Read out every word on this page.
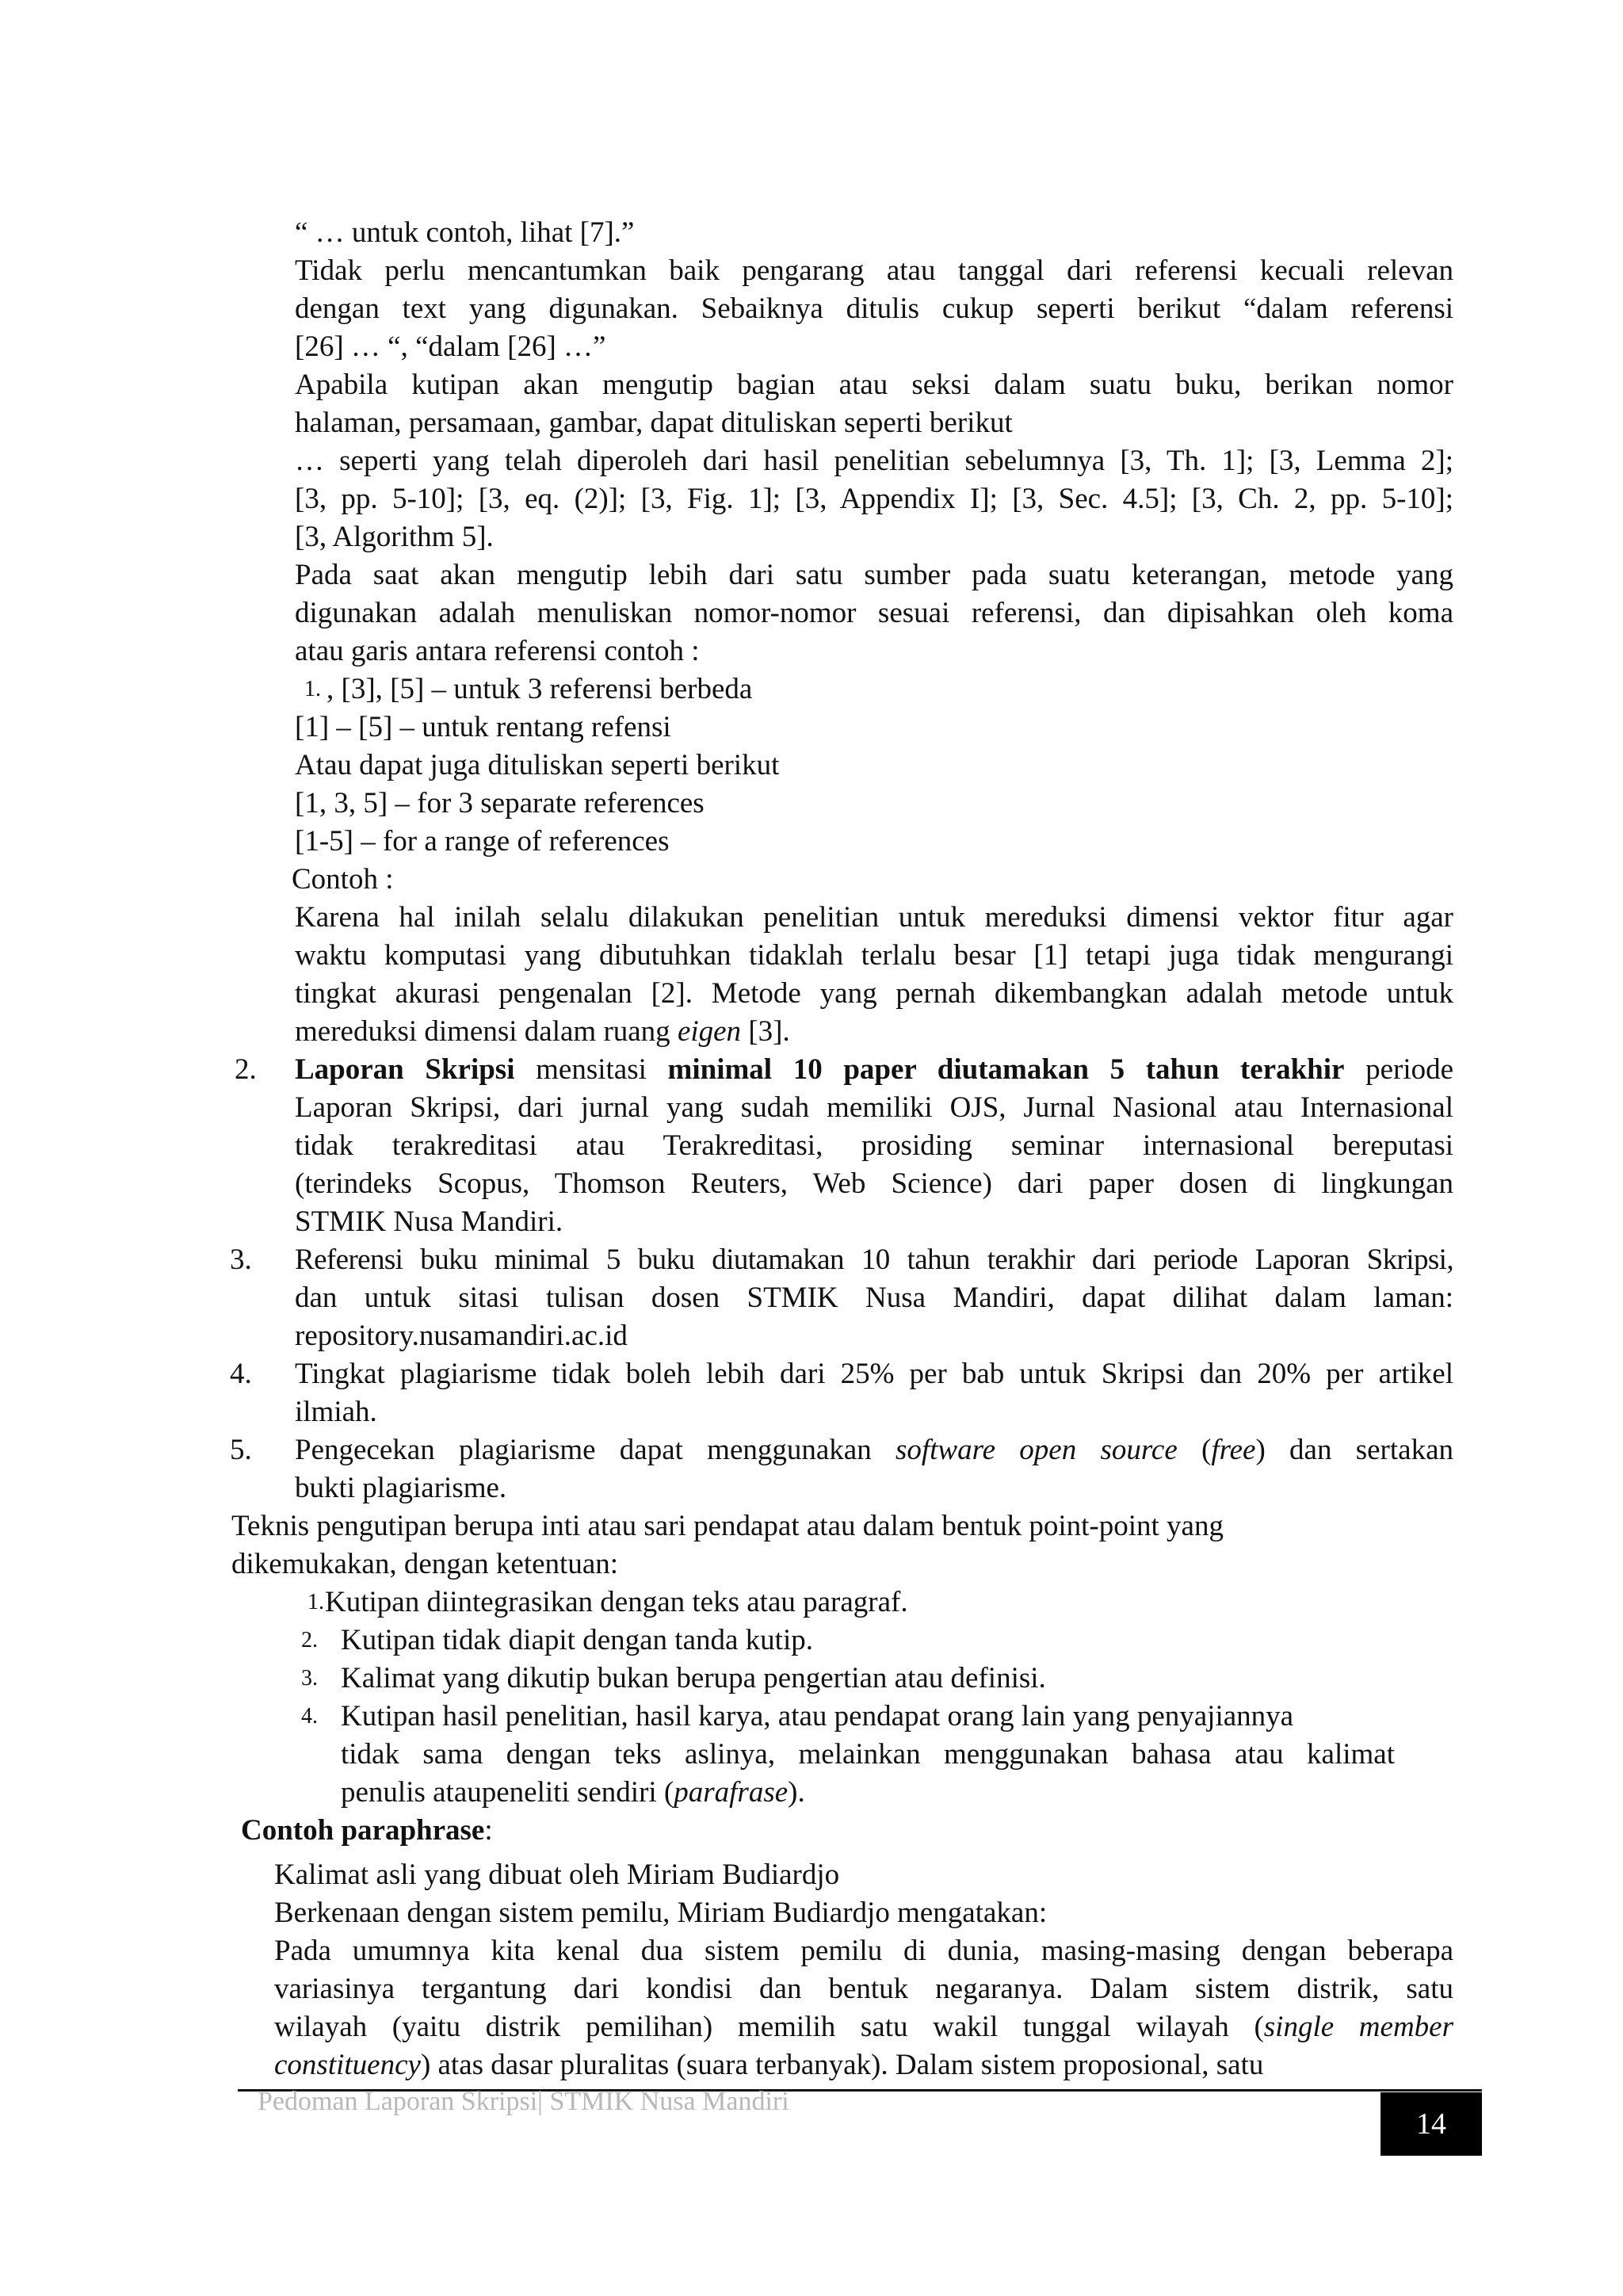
“ … untuk contoh, lihat [7].”
Tidak perlu mencantumkan baik pengarang atau tanggal dari referensi kecuali relevan
dengan text yang digunakan. Sebaiknya ditulis cukup seperti berikut “dalam referensi
[26] … “, “dalam [26] …”
Apabila kutipan akan mengutip bagian atau seksi dalam suatu buku, berikan nomor
halaman, persamaan, gambar, dapat dituliskan seperti berikut
… seperti yang telah diperoleh dari hasil penelitian sebelumnya [3, Th. 1]; [3, Lemma 2];
[3, pp. 5-10]; [3, eq. (2)]; [3, Fig. 1]; [3, Appendix I]; [3, Sec. 4.5]; [3, Ch. 2, pp. 5-10];
[3, Algorithm 5].
Pada saat akan mengutip lebih dari satu sumber pada suatu keterangan, metode yang
digunakan adalah menuliskan nomor-nomor sesuai referensi, dan dipisahkan oleh koma
atau garis antara referensi contoh :
1. , [3], [5] – untuk 3 referensi berbeda
[1] – [5] – untuk rentang refensi
Atau dapat juga dituliskan seperti berikut
[1, 3, 5] – for 3 separate references
[1-5] – for a range of references
Contoh :
Karena hal inilah selalu dilakukan penelitian untuk mereduksi dimensi vektor fitur agar
waktu komputasi yang dibutuhkan tidaklah terlalu besar [1] tetapi juga tidak mengurangi
tingkat akurasi pengenalan [2]. Metode yang pernah dikembangkan adalah metode untuk
mereduksi dimensi dalam ruang eigen [3].
2. Laporan Skripsi mensitasi minimal 10 paper diutamakan 5 tahun terakhir periode
Laporan Skripsi, dari jurnal yang sudah memiliki OJS, Jurnal Nasional atau Internasional
tidak terakreditasi atau Terakreditasi, prosiding seminar internasional bereputasi
(terindeks Scopus, Thomson Reuters, Web Science) dari paper dosen di lingkungan
STMIK Nusa Mandiri.
3. Referensi buku minimal 5 buku diutamakan 10 tahun terakhir dari periode Laporan Skripsi,
dan untuk sitasi tulisan dosen STMIK Nusa Mandiri, dapat dilihat dalam laman:
repository.nusamandiri.ac.id
4. Tingkat plagiarisme tidak boleh lebih dari 25% per bab untuk Skripsi dan 20% per artikel
ilmiah.
5. Pengecekan plagiarisme dapat menggunakan software open source (free) dan sertakan
bukti plagiarisme.
Teknis pengutipan berupa inti atau sari pendapat atau dalam bentuk point-point yang
dikemukakan, dengan ketentuan:
1. Kutipan diintegrasikan dengan teks atau paragraf.
2. Kutipan tidak diapit dengan tanda kutip.
3. Kalimat yang dikutip bukan berupa pengertian atau definisi.
4. Kutipan hasil penelitian, hasil karya, atau pendapat orang lain yang penyajiannya
tidak sama dengan teks aslinya, melainkan menggunakan bahasa atau kalimat
penulis ataupeneliti sendiri (parafrase).
Contoh paraphrase:
Kalimat asli yang dibuat oleh Miriam Budiardjo
Berkenaan dengan sistem pemilu, Miriam Budiardjo mengatakan:
Pada umumnya kita kenal dua sistem pemilu di dunia, masing-masing dengan beberapa
variasinya tergantung dari kondisi dan bentuk negaranya. Dalam sistem distrik, satu
wilayah (yaitu distrik pemilihan) memilih satu wakil tunggal wilayah (single member
constituency) atas dasar pluralitas (suara terbanyak). Dalam sistem proposional, satu
Pedoman Laporan Skripsi| STMIK Nusa Mandiri
14
